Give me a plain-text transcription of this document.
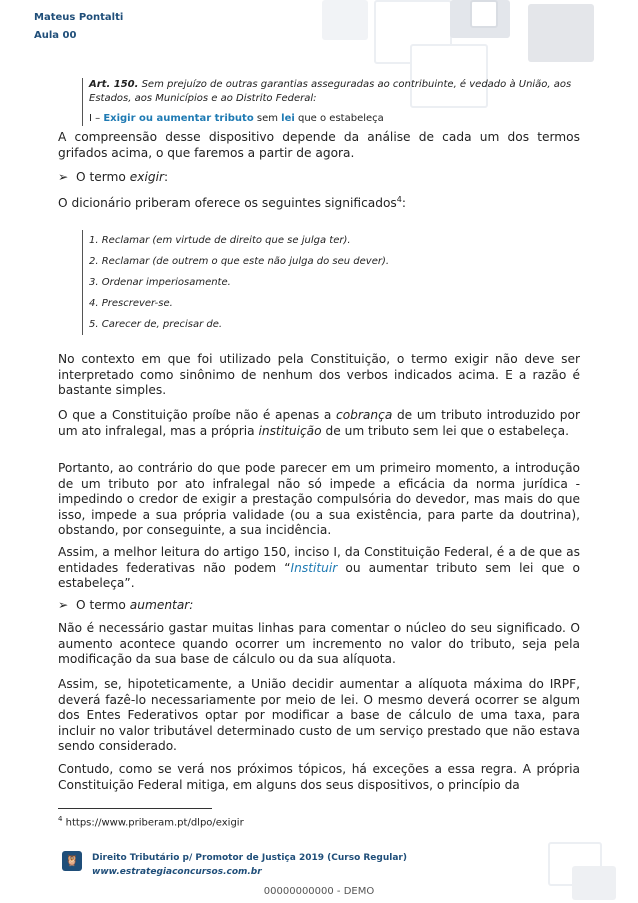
Mateus Pontalti
Aula 00
Art. 150. Sem prejuízo de outras garantias asseguradas ao contribuinte, é vedado à União, aos Estados, aos Municípios e ao Distrito Federal:
I – Exigir ou aumentar tributo sem lei que o estabeleça
A compreensão desse dispositivo depende da análise de cada um dos termos grifados acima, o que faremos a partir de agora.
➢ O termo exigir:
O dicionário priberam oferece os seguintes significados$^4$:
1. Reclamar (em virtude de direito que se julga ter).
2. Reclamar (de outrem o que este não julga do seu dever).
3. Ordenar imperiosamente.
4. Prescrever-se.
5. Carecer de, precisar de.
No contexto em que foi utilizado pela Constituição, o termo exigir não deve ser interpretado como sinônimo de nenhum dos verbos indicados acima. E a razão é bastante simples.
O que a Constituição proíbe não é apenas a cobrança de um tributo introduzido por um ato infralegal, mas a própria instituição de um tributo sem lei que o estabeleça.
Portanto, ao contrário do que pode parecer em um primeiro momento, a introdução de um tributo por ato infralegal não só impede a eficácia da norma jurídica - impedindo o credor de exigir a prestação compulsória do devedor, mas mais do que isso, impede a sua própria validade (ou a sua existência, para parte da doutrina), obstando, por conseguinte, a sua incidência.
Assim, a melhor leitura do artigo 150, inciso I, da Constituição Federal, é a de que as entidades federativas não podem “Instituir ou aumentar tributo sem lei que o estabeleça”.
➢ O termo aumentar:
Não é necessário gastar muitas linhas para comentar o núcleo do seu significado. O aumento acontece quando ocorrer um incremento no valor do tributo, seja pela modificação da sua base de cálculo ou da sua alíquota.
Assim, se, hipoteticamente, a União decidir aumentar a alíquota máxima do IRPF, deverá fazê-lo necessariamente por meio de lei. O mesmo deverá ocorrer se algum dos Entes Federativos optar por modificar a base de cálculo de uma taxa, para incluir no valor tributável determinado custo de um serviço prestado que não estava sendo considerado.
Contudo, como se verá nos próximos tópicos, há exceções a essa regra. A própria Constituição Federal mitiga, em alguns dos seus dispositivos, o princípio da
$^4$ https://www.priberam.pt/dlpo/exigir
🦉	Direito Tributário p/ Promotor de Justiça 2019 (Curso Regular)
www.estrategiaconcursos.com.br
00000000000 - DEMO
